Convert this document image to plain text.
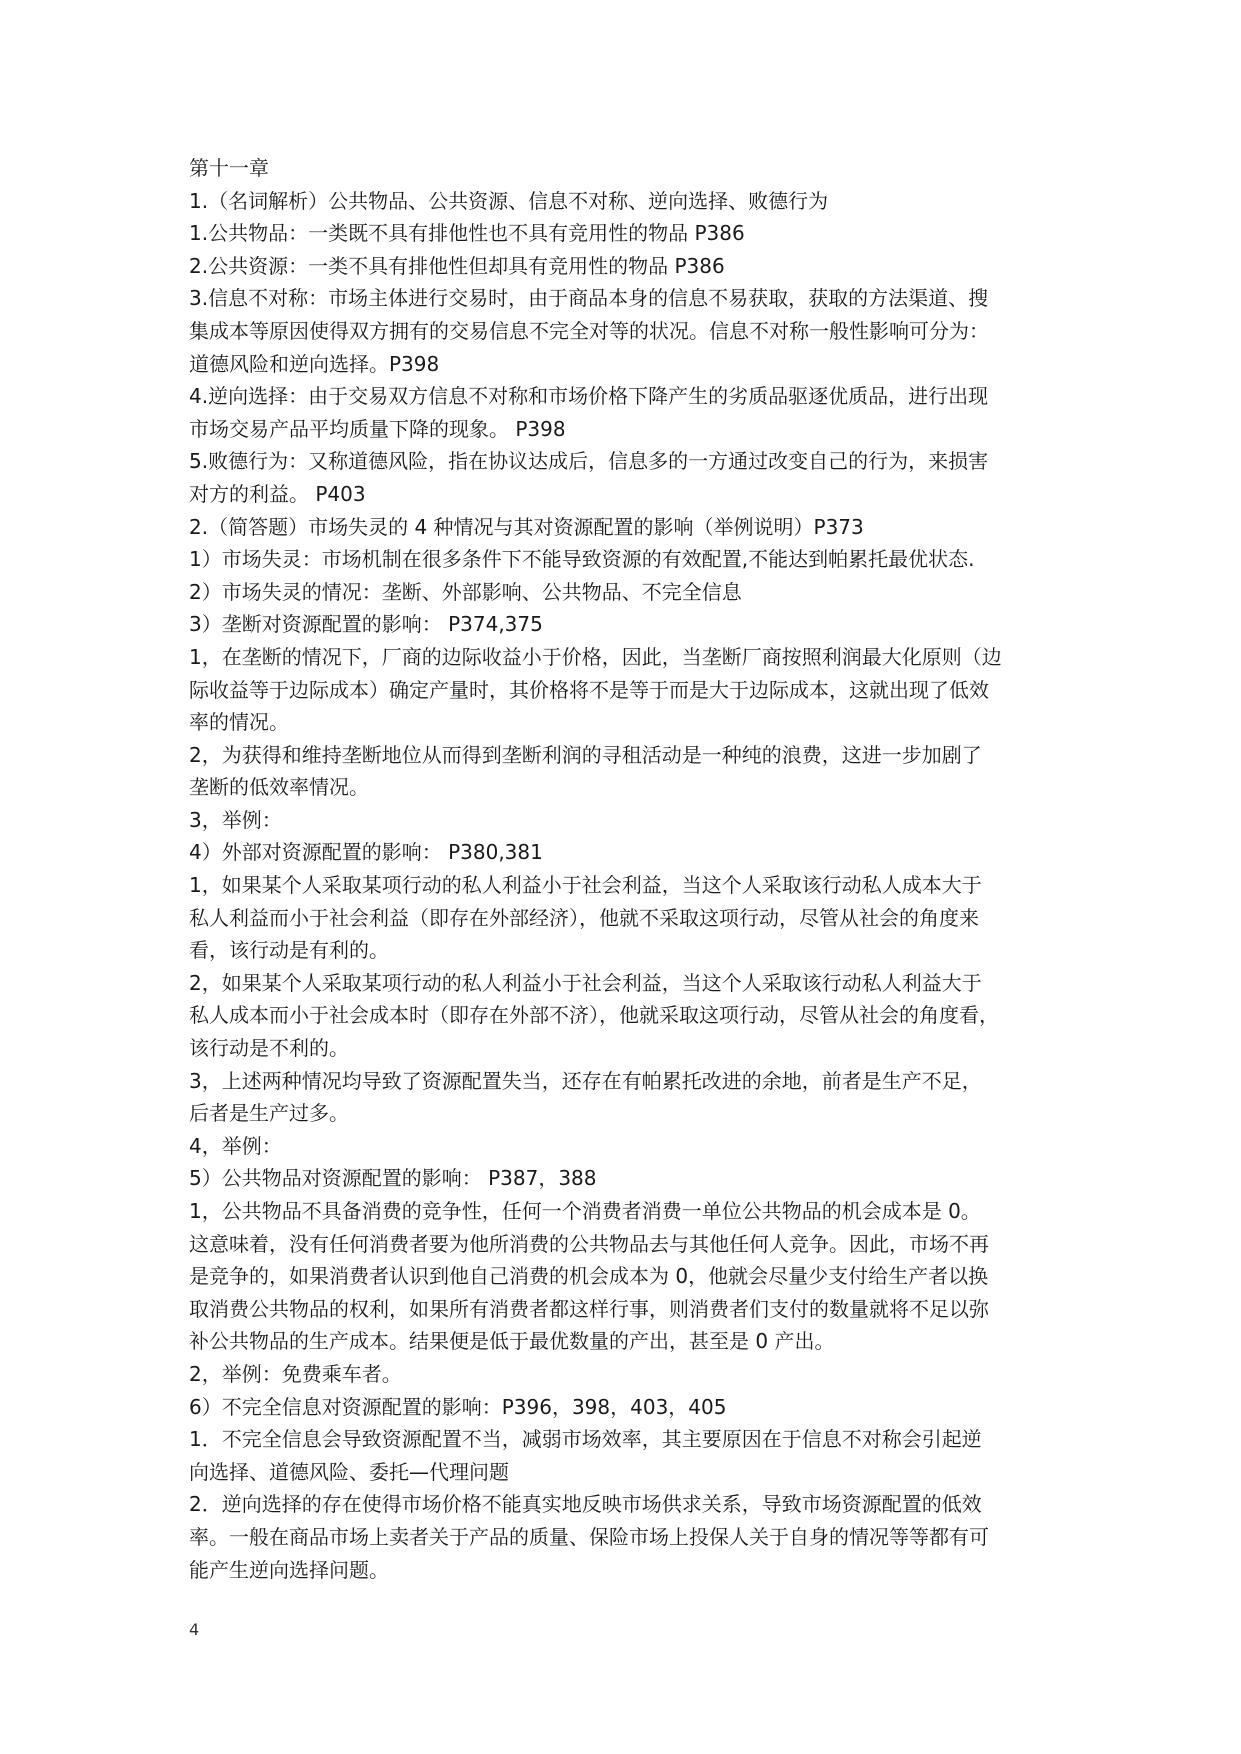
第十一章
1.（名词解析）公共物品、公共资源、信息不对称、逆向选择、败德行为
1.公共物品：一类既不具有排他性也不具有竞用性的物品 P386
2.公共资源：一类不具有排他性但却具有竞用性的物品 P386
3.信息不对称：市场主体进行交易时，由于商品本身的信息不易获取，获取的方法渠道、搜
集成本等原因使得双方拥有的交易信息不完全对等的状况。信息不对称一般性影响可分为：
道德风险和逆向选择。P398
4.逆向选择：由于交易双方信息不对称和市场价格下降产生的劣质品驱逐优质品，进行出现
市场交易产品平均质量下降的现象。 P398
5.败德行为：又称道德风险，指在协议达成后，信息多的一方通过改变自己的行为，来损害
对方的利益。 P403
2.（简答题）市场失灵的 4 种情况与其对资源配置的影响（举例说明）P373
1）市场失灵：市场机制在很多条件下不能导致资源的有效配置,不能达到帕累托最优状态.
2）市场失灵的情况：垄断、外部影响、公共物品、不完全信息
3）垄断对资源配置的影响： P374,375
1，在垄断的情况下，厂商的边际收益小于价格，因此，当垄断厂商按照利润最大化原则（边
际收益等于边际成本）确定产量时，其价格将不是等于而是大于边际成本，这就出现了低效
率的情况。
2，为获得和维持垄断地位从而得到垄断利润的寻租活动是一种纯的浪费，这进一步加剧了
垄断的低效率情况。
3，举例：
4）外部对资源配置的影响： P380,381
1，如果某个人采取某项行动的私人利益小于社会利益，当这个人采取该行动私人成本大于
私人利益而小于社会利益（即存在外部经济），他就不采取这项行动，尽管从社会的角度来
看，该行动是有利的。
2，如果某个人采取某项行动的私人利益小于社会利益，当这个人采取该行动私人利益大于
私人成本而小于社会成本时（即存在外部不济），他就采取这项行动，尽管从社会的角度看，
该行动是不利的。
3，上述两种情况均导致了资源配置失当，还存在有帕累托改进的余地，前者是生产不足，
后者是生产过多。
4，举例：
5）公共物品对资源配置的影响： P387，388
1，公共物品不具备消费的竞争性，任何一个消费者消费一单位公共物品的机会成本是 0。
这意味着，没有任何消费者要为他所消费的公共物品去与其他任何人竞争。因此，市场不再
是竞争的，如果消费者认识到他自己消费的机会成本为 0，他就会尽量少支付给生产者以换
取消费公共物品的权利，如果所有消费者都这样行事，则消费者们支付的数量就将不足以弥
补公共物品的生产成本。结果便是低于最优数量的产出，甚至是 0 产出。
2，举例：免费乘车者。
6）不完全信息对资源配置的影响：P396，398，403，405
1．不完全信息会导致资源配置不当，减弱市场效率，其主要原因在于信息不对称会引起逆
向选择、道德风险、委托—代理问题
2．逆向选择的存在使得市场价格不能真实地反映市场供求关系，导致市场资源配置的低效
率。一般在商品市场上卖者关于产品的质量、保险市场上投保人关于自身的情况等等都有可
能产生逆向选择问题。
4
